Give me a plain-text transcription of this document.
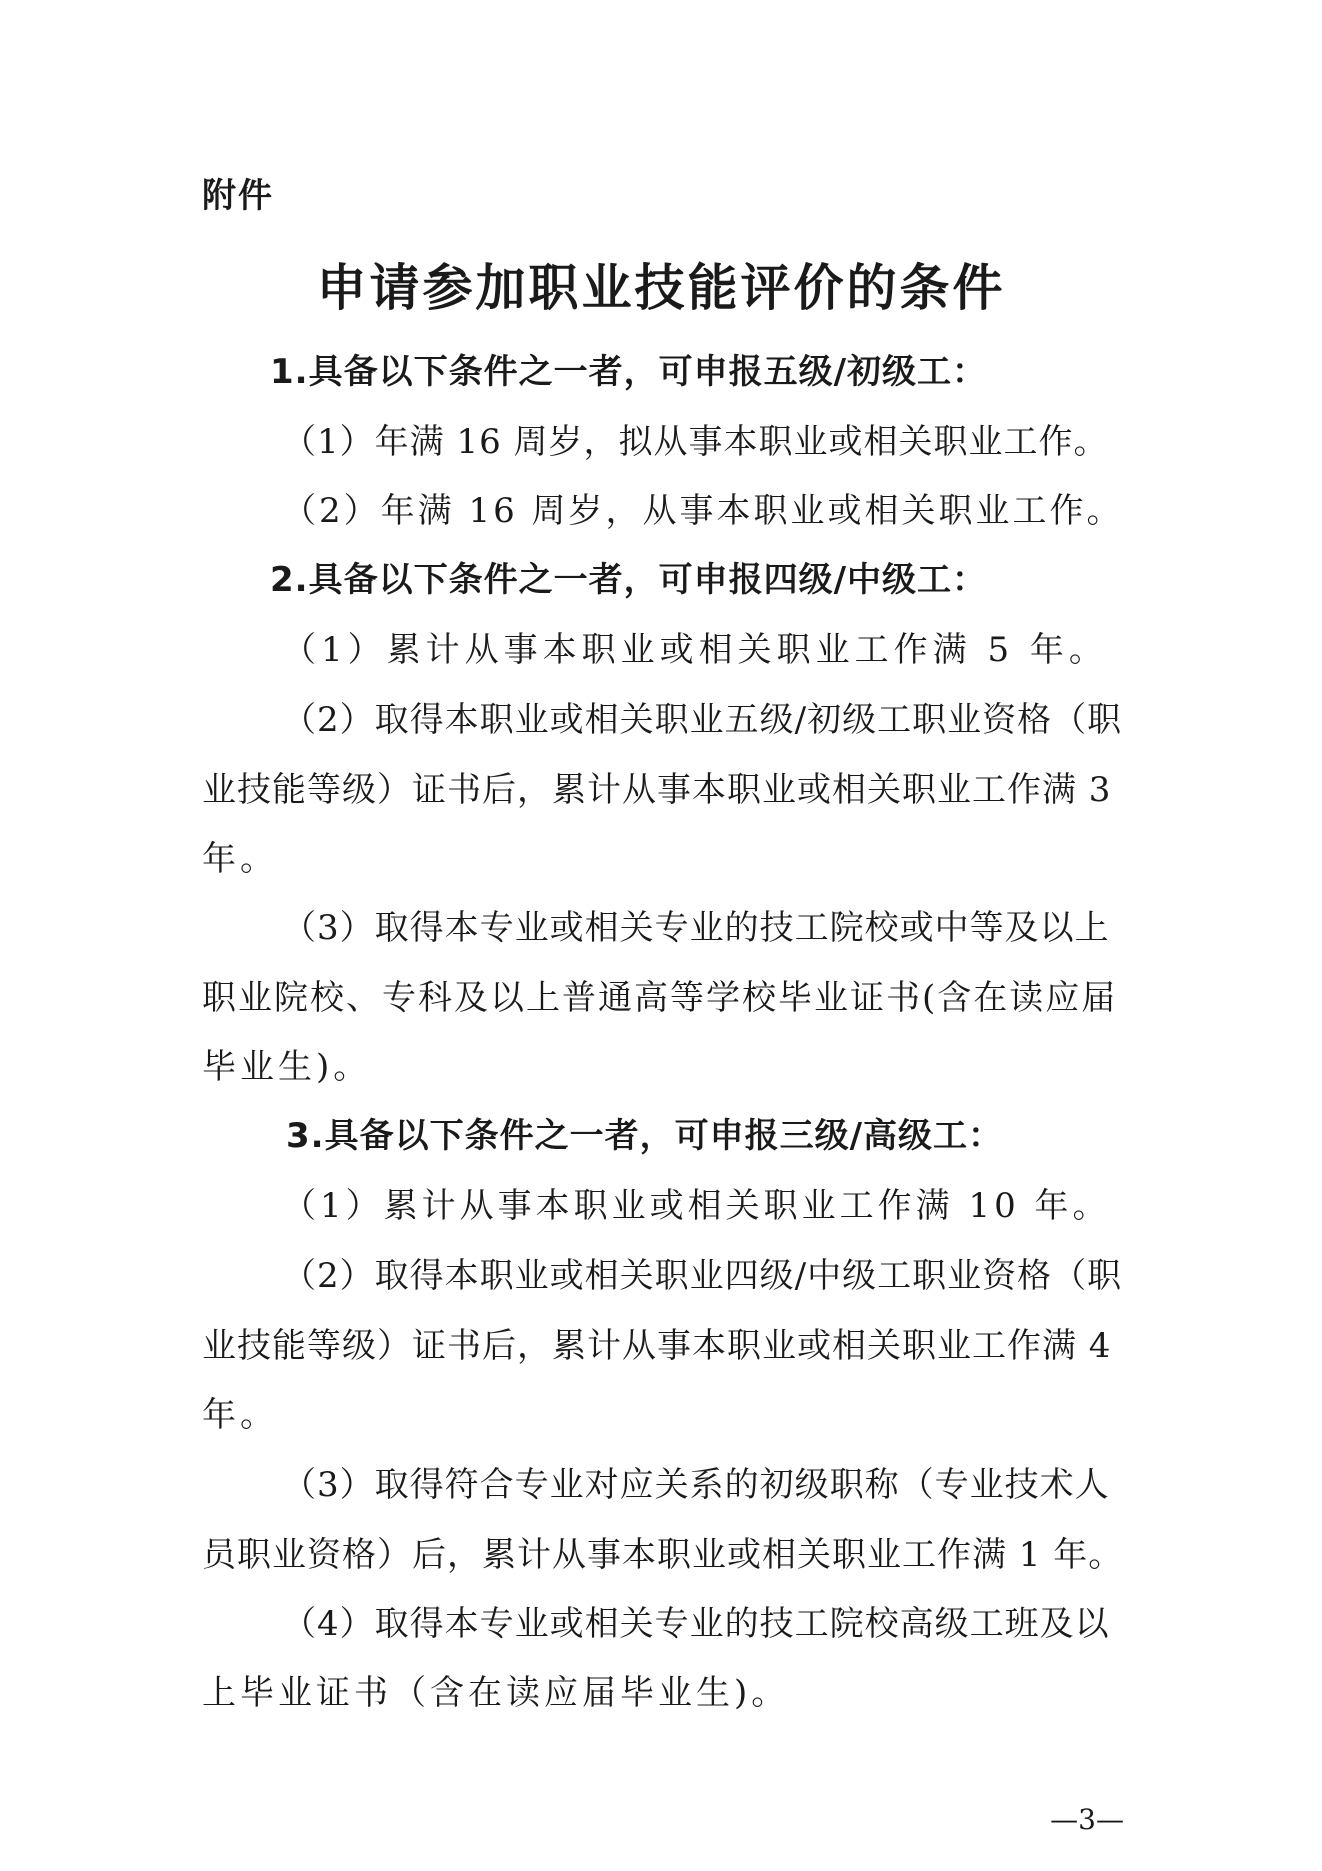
附件
申请参加职业技能评价的条件
1.具备以下条件之一者，可申报五级/初级工：
（1）年满 16 周岁，拟从事本职业或相关职业工作。
（2）年满 16 周岁，从事本职业或相关职业工作。
2.具备以下条件之一者，可申报四级/中级工：
（1）累计从事本职业或相关职业工作满 5 年。
（2）取得本职业或相关职业五级/初级工职业资格（职
业技能等级）证书后，累计从事本职业或相关职业工作满 3
年。
（3）取得本专业或相关专业的技工院校或中等及以上
职业院校、专科及以上普通高等学校毕业证书(含在读应届
毕业生)。
3.具备以下条件之一者，可申报三级/高级工：
（1）累计从事本职业或相关职业工作满 10 年。
（2）取得本职业或相关职业四级/中级工职业资格（职
业技能等级）证书后，累计从事本职业或相关职业工作满 4
年。
（3）取得符合专业对应关系的初级职称（专业技术人
员职业资格）后，累计从事本职业或相关职业工作满 1 年。
（4）取得本专业或相关专业的技工院校高级工班及以
上毕业证书（含在读应届毕业生)。
—3—
